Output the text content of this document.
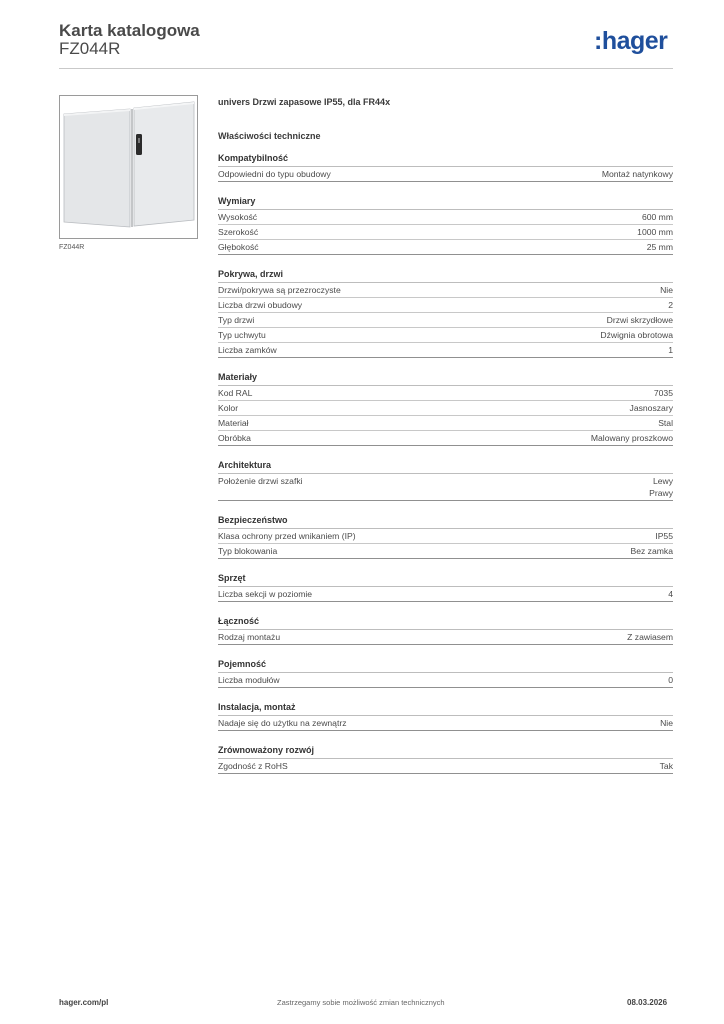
Karta katalogowa
FZ044R	:hager
FZ044R
univers Drzwi zapasowe IP55, dla FR44x
Właściwości techniczne
Kompatybilność
Odpowiedni do typu obudowy	Montaż natynkowy
Wymiary
Wysokość	600 mm
Szerokość	1000 mm
Głębokość	25 mm
Pokrywa, drzwi
Drzwi/pokrywa są przezroczyste	Nie
Liczba drzwi obudowy	2
Typ drzwi	Drzwi skrzydłowe
Typ uchwytu	Dźwignia obrotowa
Liczba zamków	1
Materiały
Kod RAL	7035
Kolor	Jasnoszary
Materiał	Stal
Obróbka	Malowany proszkowo
Architektura
Położenie drzwi szafki	Lewy
Prawy
Bezpieczeństwo
Klasa ochrony przed wnikaniem (IP)	IP55
Typ blokowania	Bez zamka
Sprzęt
Liczba sekcji w poziomie	4
Łączność
Rodzaj montażu	Z zawiasem
Pojemność
Liczba modułów	0
Instalacja, montaż
Nadaje się do użytku na zewnątrz	Nie
Zrównoważony rozwój
Zgodność z RoHS	Tak
hager.com/pl	Zastrzegamy sobie możliwość zmian technicznych	08.03.2026
